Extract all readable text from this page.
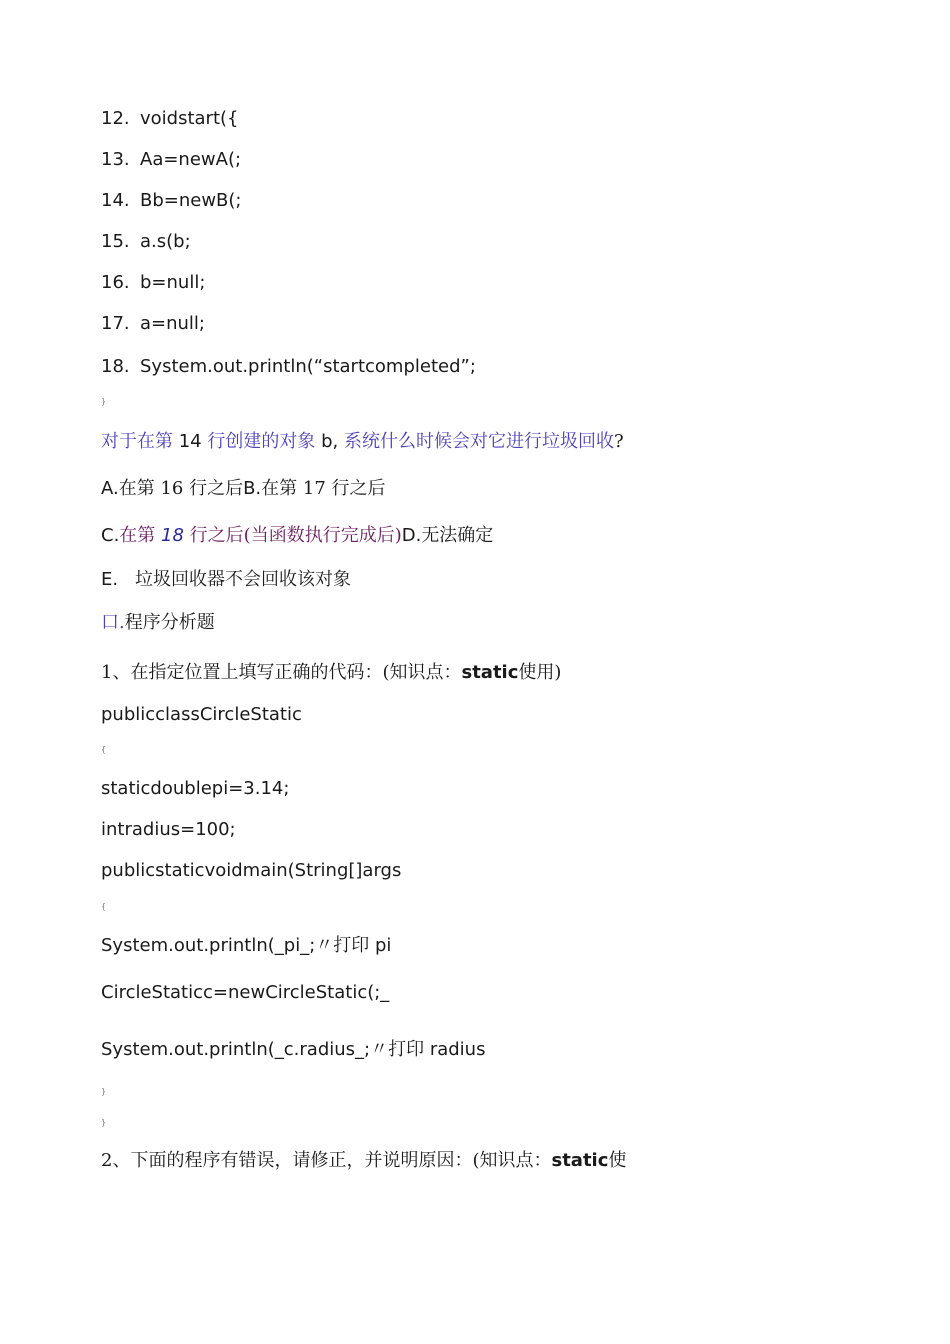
12. voidstart({
13. Aa=newA(;
14. Bb=newB(;
15. a.s(b;
16. b=null;
17. a=null;
18. System.out.println(“startcompleted”;
}
对于在第 14 行创建的对象 b, 系统什么时候会对它进行垃圾回收?
A.在第 16 行之后B.在第 17 行之后
C.在第 18 行之后(当函数执行完成后)D.无法确定
E. 垃圾回收器不会回收该对象
口.程序分析题
1、在指定位置上填写正确的代码：(知识点：static使用)
publicclassCircleStatic
{
staticdoublepi=3.14;
intradius=100;
publicstaticvoidmain(String[]args
{
System.out.println(_pi_;〃打印 pi
CircleStaticc=newCircleStatic(;_
System.out.println(_c.radius_;〃打印 radius
}
}
2、下面的程序有错误，请修正，并说明原因：(知识点：static使
